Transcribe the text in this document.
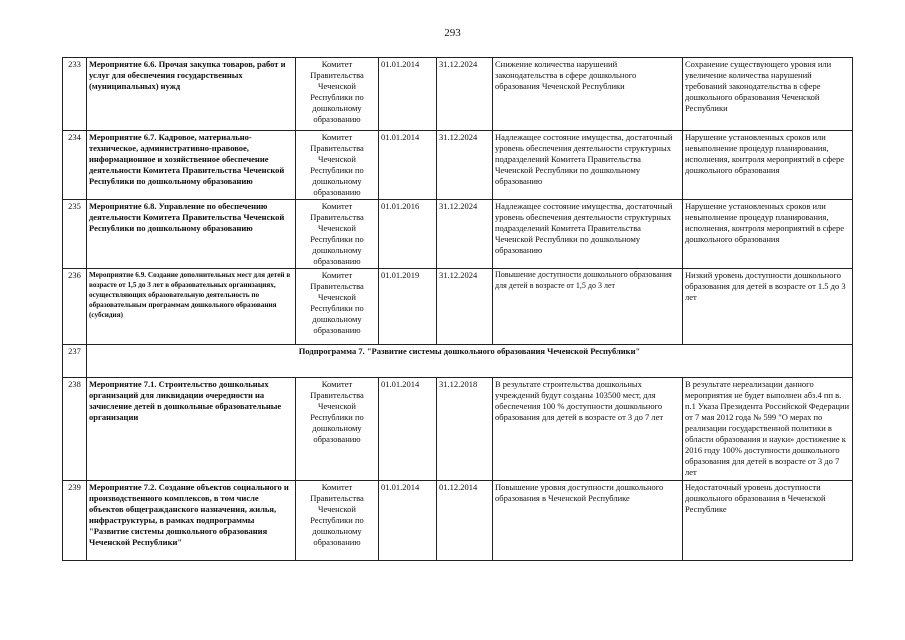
293
233	Мероприятие 6.6. Прочая закупка товаров, работ и услуг для обеспечения государственных (муниципальных) нужд	Комитет Правительства Чеченской Республики по дошкольному образованию	01.01.2014	31.12.2024	Снижение количества нарушений законодательства в сфере дошкольного образования Чеченской Республики	Сохранение существующего уровня или увеличение количества нарушений требований законодательства в сфере дошкольного образования Чеченской Республики
234	Мероприятие 6.7. Кадровое, материально-техническое, административно-правовое, информационное и хозяйственное обеспечение деятельности Комитета Правительства Чеченской Республики по дошкольному образованию	Комитет Правительства Чеченской Республики по дошкольному образованию	01.01.2014	31.12.2024	Надлежащее состояние имущества, достаточный уровень обеспечения деятельности структурных подразделений Комитета Правительства Чеченской Республики по дошкольному образованию	Нарушение установленных сроков или невыполнение процедур планирования, исполнения, контроля мероприятий в сфере дошкольного образования
235	Мероприятие 6.8. Управление по обеспечению деятельности Комитета Правительства Чеченской Республики по дошкольному образованию	Комитет Правительства Чеченской Республики по дошкольному образованию	01.01.2016	31.12.2024	Надлежащее состояние имущества, достаточный уровень обеспечения деятельности структурных подразделений Комитета Правительства Чеченской Республики по дошкольному образованию	Нарушение установленных сроков или невыполнение процедур планирования, исполнения, контроля мероприятий в сфере дошкольного образования
236	Мероприятие 6.9. Создание дополнительных мест для детей в возрасте от 1,5 до 3 лет в образовательных организациях, осуществляющих образовательную деятельность по образовательным программам дошкольного образования (субсидия)	Комитет Правительства Чеченской Республики по дошкольному образованию	01.01.2019	31.12.2024	Повышение доступности дошкольного образования для детей в возрасте от 1,5 до 3 лет	Низкий уровень доступности дошкольного образования для детей в возрасте от 1.5 до 3 лет
237	Подпрограмма 7. "Развитие системы дошкольного образования Чеченской Республики"					
238	Мероприятие 7.1. Строительство дошкольных организаций для ликвидации очередности на зачисление детей в дошкольные образовательные организации	Комитет Правительства Чеченской Республики по дошкольному образованию	01.01.2014	31.12.2018	В результате строительства дошкольных учреждений будут созданы 103500 мест, для обеспечения 100 % доступности дошкольного образования для детей в возрасте от 3 до 7 лет	В результате нереализации данного мероприятия не будет выполнен абз.4 пп в. п.1 Указа Президента Российской Федерации от 7 мая 2012 года № 599 "О мерах по реализации государственной политики в области образования и науки» достижение к 2016 году 100% доступности дошкольного образования для детей в возрасте от 3 до 7 лет
239	Мероприятие 7.2. Создание объектов социального и производственного комплексов, в том числе объектов общегражданского назначения, жилья, инфраструктуры, в рамках подпрограммы "Развитие системы дошкольного образования Чеченской Республики"	Комитет Правительства Чеченской Республики по дошкольному образованию	01.01.2014	01.12.2014	Повышение уровня доступности дошкольного образования в Чеченской Республике	Недостаточный уровень доступности дошкольного образования в Чеченской Республике
